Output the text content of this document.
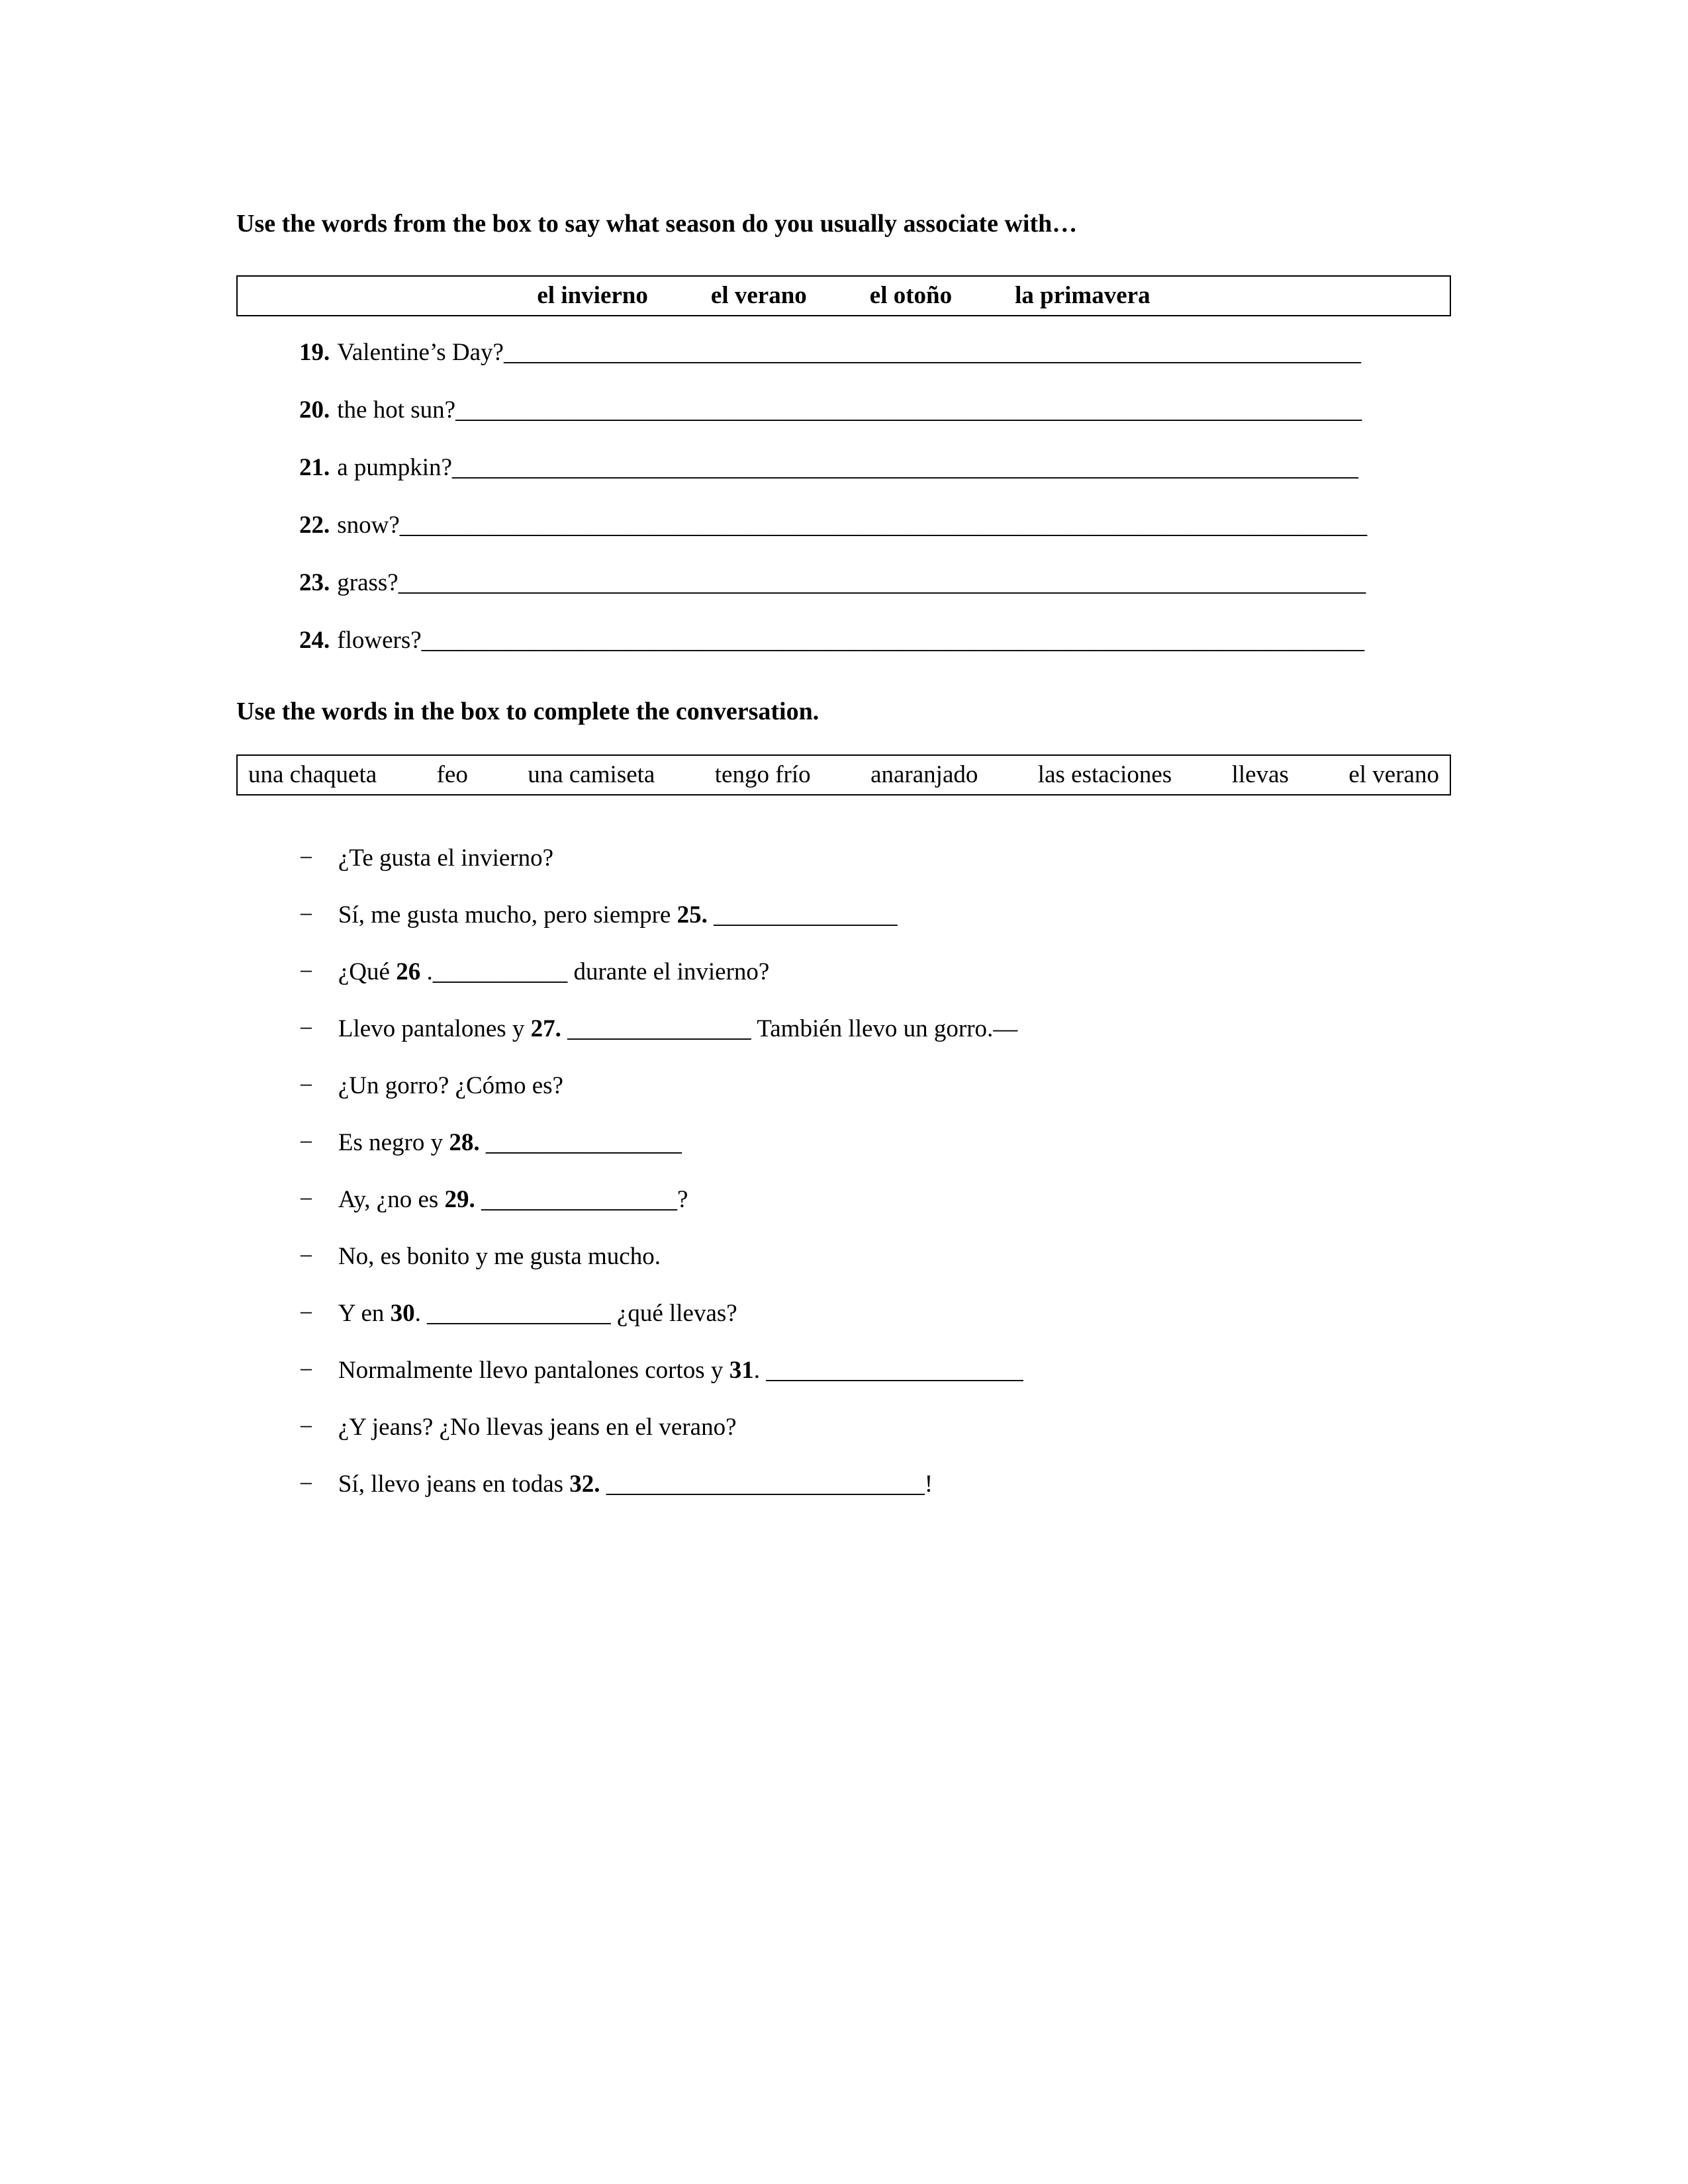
Use the words from the box to say what season do you usually associate with…
el invierno	el verano	el otoño	la primavera
19. Valentine’s Day?______________________________________________________________________
20. the hot sun?__________________________________________________________________________
21. a pumpkin?__________________________________________________________________________
22. snow?_______________________________________________________________________________
23. grass?_______________________________________________________________________________
24. flowers?_____________________________________________________________________________
Use the words in the box to complete the conversation.
una chaqueta feo una camiseta tengo frío anaranjado las estaciones llevas el verano
− ¿Te gusta el invierno?
− Sí, me gusta mucho, pero siempre 25. _______________
− ¿Qué 26 .___________ durante el invierno?
− Llevo pantalones y 27. _______________ También llevo un gorro.—
− ¿Un gorro? ¿Cómo es?
− Es negro y 28. ________________
− Ay, ¿no es 29. ________________?
− No, es bonito y me gusta mucho.
− Y en 30. _______________ ¿qué llevas?
− Normalmente llevo pantalones cortos y 31. _____________________
− ¿Y jeans? ¿No llevas jeans en el verano?
− Sí, llevo jeans en todas 32. __________________________!
